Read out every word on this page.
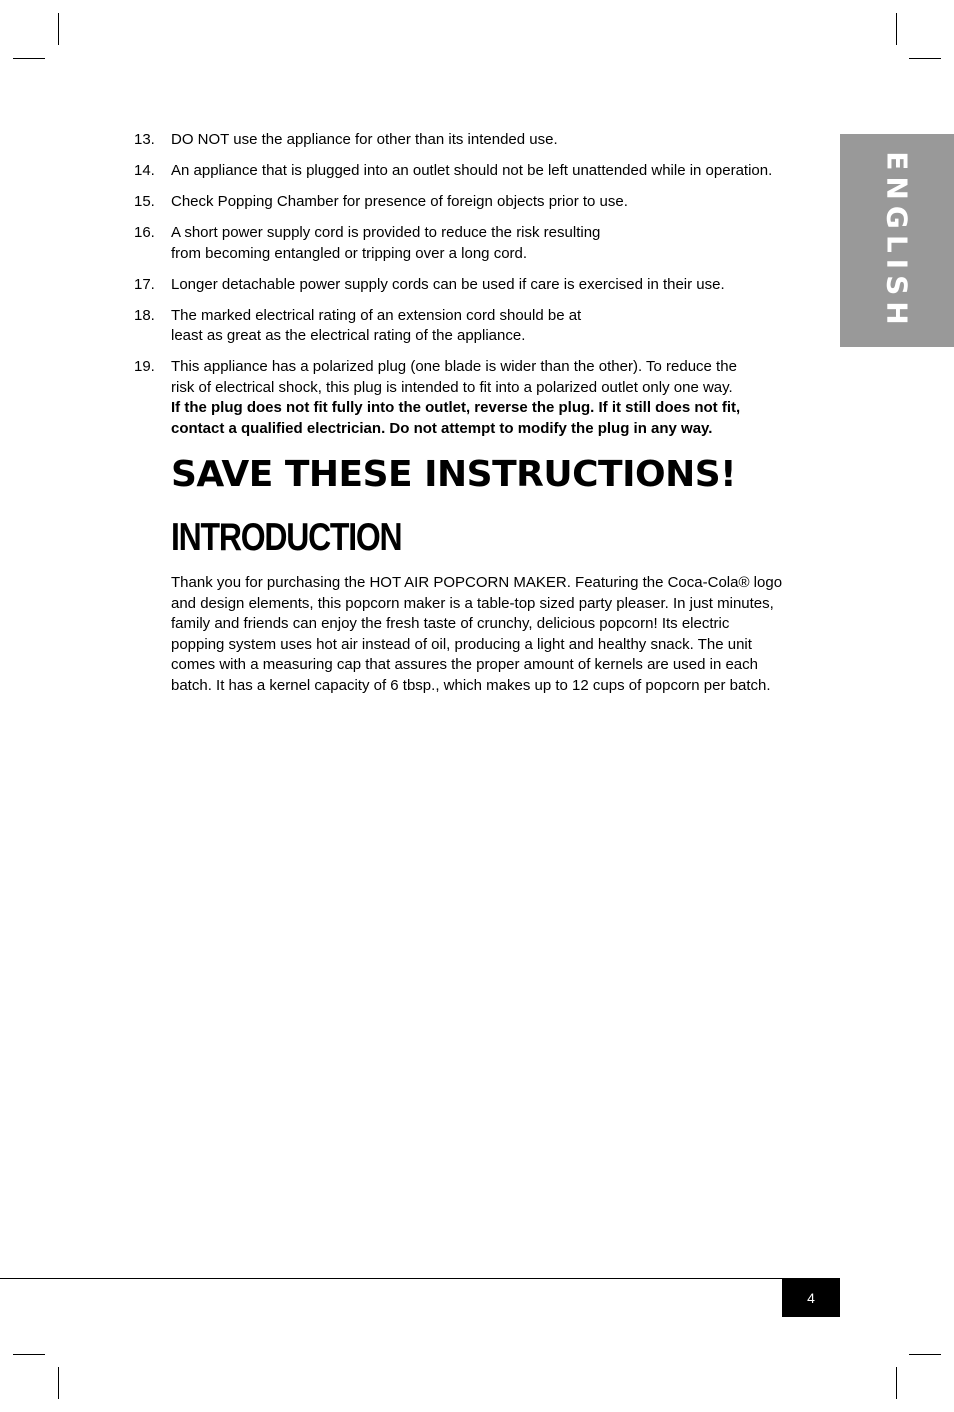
ENGLISH
13.	DO NOT use the appliance for other than its intended use.
14.	An appliance that is plugged into an outlet should not be left unattended while in operation.
15.	Check Popping Chamber for presence of foreign objects prior to use.
16.	A short power supply cord is provided to reduce the risk resulting
from becoming entangled or tripping over a long cord.
17.	Longer detachable power supply cords can be used if care is exercised in their use.
18.	The marked electrical rating of an extension cord should be at
least as great as the electrical rating of the appliance.
19.	This appliance has a polarized plug (one blade is wider than the other). To reduce the
risk of electrical shock, this plug is intended to fit into a polarized outlet only one way.
If the plug does not fit fully into the outlet, reverse the plug. If it still does not fit,
contact a qualified electrician. Do not attempt to modify the plug in any way.
SAVE THESE INSTRUCTIONS!
INTRODUCTION

Thank you for purchasing the HOT AIR POPCORN MAKER. Featuring the Coca-Cola® logo
and design elements, this popcorn maker is a table-top sized party pleaser. In just minutes,
family and friends can enjoy the fresh taste of crunchy, delicious popcorn! Its electric
popping system uses hot air instead of oil, producing a light and healthy snack. The unit
comes with a measuring cap that assures the proper amount of kernels are used in each
batch. It has a kernel capacity of 6 tbsp., which makes up to 12 cups of popcorn per batch.

4
